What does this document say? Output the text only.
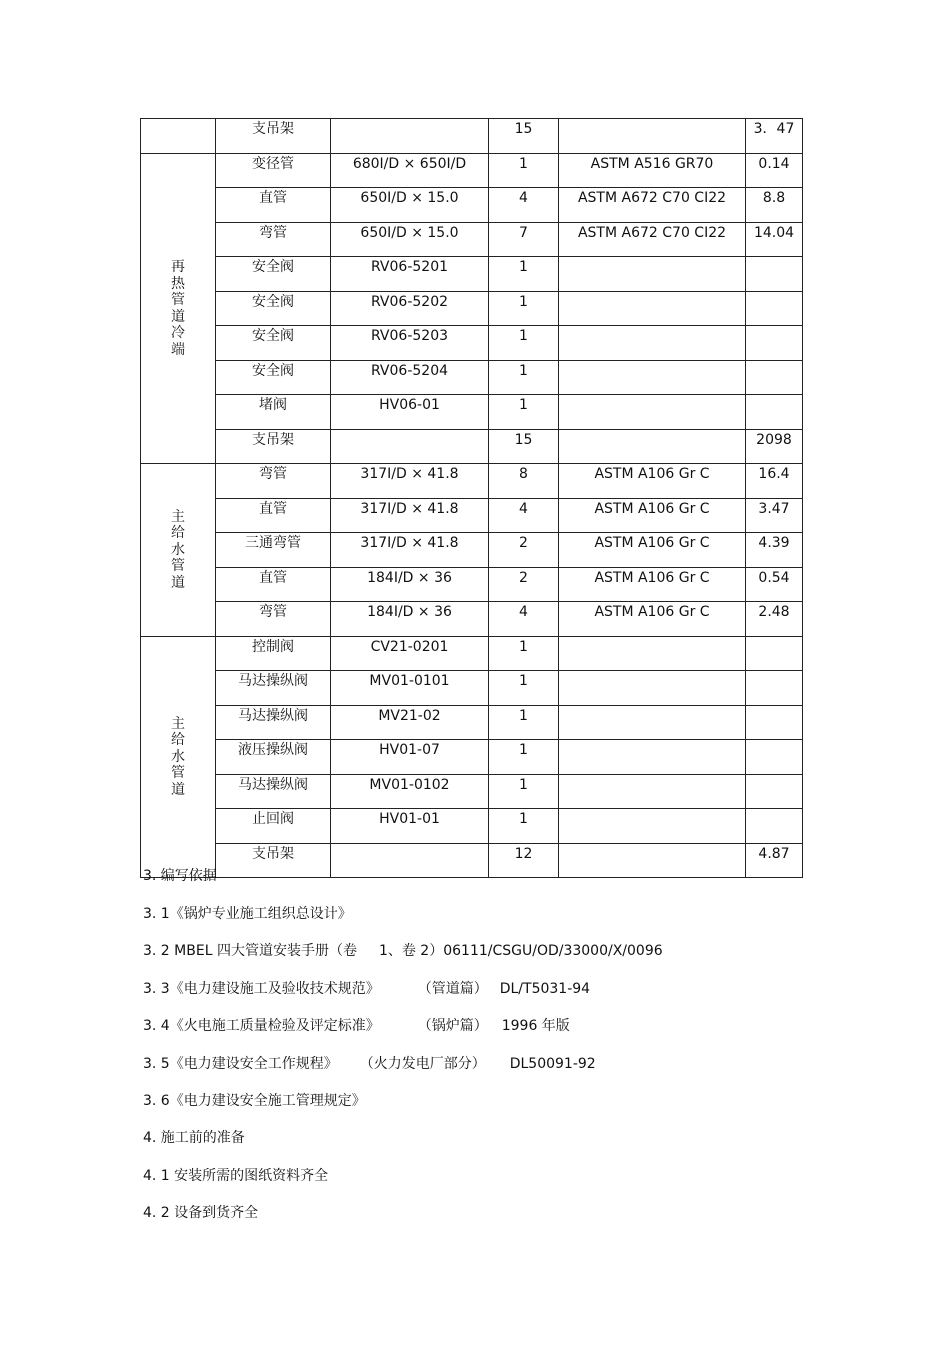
	支吊架		15		3．47
再热管道冷端	变径管	680I/D × 650I/D	1	ASTM A516 GR70	0.14
	直管	650I/D × 15.0	4	ASTM A672 C70 CI22	8.8
	弯管	650I/D × 15.0	7	ASTM A672 C70 CI22	14.04
	安全阀	RV06-5201	1		
	安全阀	RV06-5202	1		
	安全阀	RV06-5203	1		
	安全阀	RV06-5204	1		
	堵阀	HV06-01	1		
	支吊架		15		2098
主给水管道	弯管	317I/D × 41.8	8	ASTM A106 Gr C	16.4
	直管	317I/D × 41.8	4	ASTM A106 Gr C	3.47
	三通弯管	317I/D × 41.8	2	ASTM A106 Gr C	4.39
	直管	184I/D × 36	2	ASTM A106 Gr C	0.54
	弯管	184I/D × 36	4	ASTM A106 Gr C	2.48
主给水管道	控制阀	CV21-0201	1		
	马达操纵阀	MV01-0101	1		
	马达操纵阀	MV21-02	1		
	液压操纵阀	HV01-07	1		
	马达操纵阀	MV01-0102	1		
	止回阀	HV01-01	1		
	支吊架		12		4.87
3. 编写依据
3. 1《锅炉专业施工组织总设计》
3. 2 MBEL 四大管道安装手册（卷 1、卷 2）06111/CSGU/OD/33000/X/0096
3. 3《电力建设施工及验收技术规范》	（管道篇） DL/T5031-94
3. 4《火电施工质量检验及评定标准》	（锅炉篇） 1996 年版
3. 5《电力建设安全工作规程》 （火力发电厂部分） DL50091-92
3. 6《电力建设安全施工管理规定》
4. 施工前的准备
4. 1 安装所需的图纸资料齐全
4. 2 设备到货齐全
